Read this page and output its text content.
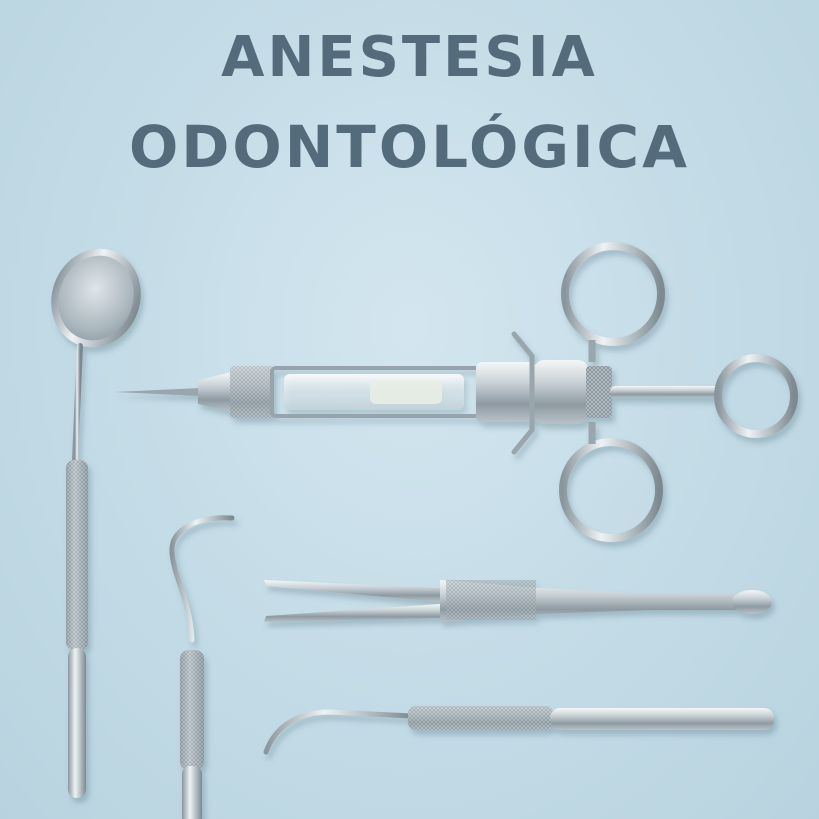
ANESTESIA
ODONTOLÓGICA
